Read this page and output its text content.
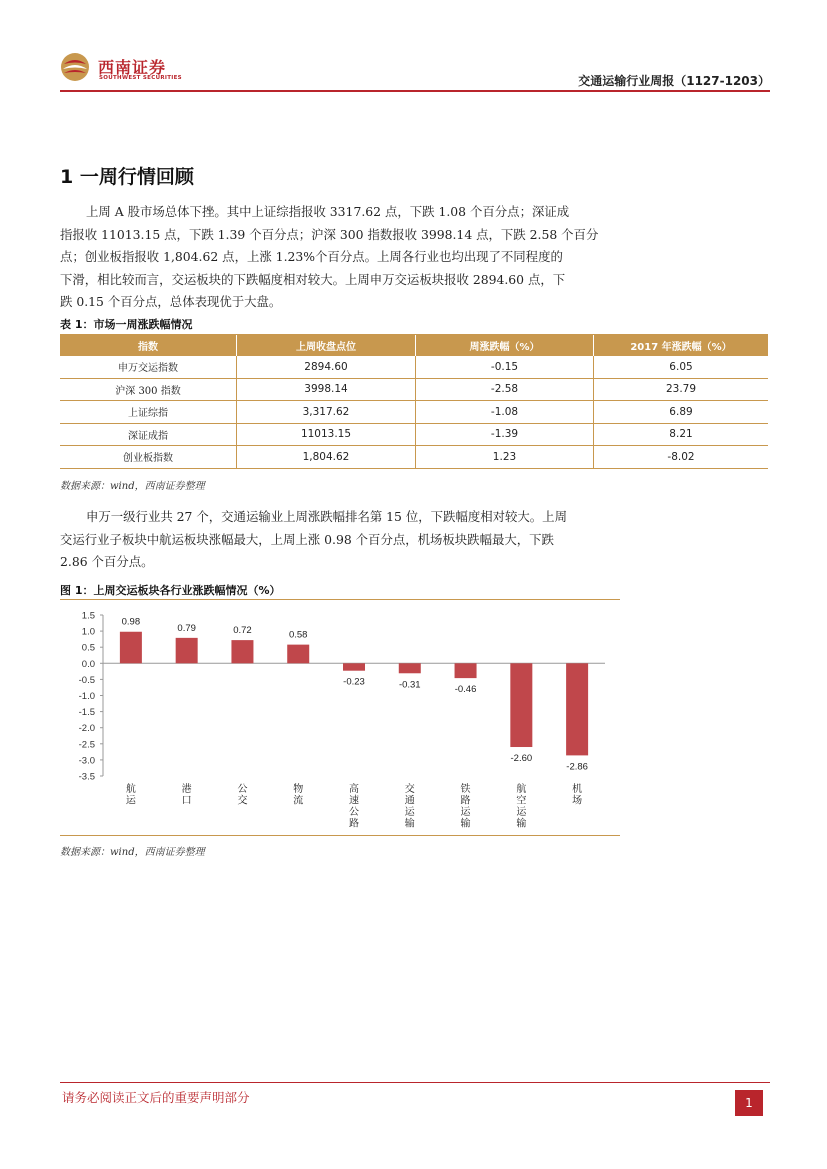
西南证券
SOUTHWEST SECURITIES	交通运输行业周报（1127-1203）
1 一周行情回顾
上周 A 股市场总体下挫。其中上证综指报收 3317.62 点，下跌 1.08 个百分点；深证成
指报收 11013.15 点，下跌 1.39 个百分点；沪深 300 指数报收 3998.14 点，下跌 2.58 个百分
点；创业板指报收 1,804.62 点，上涨 1.23%个百分点。上周各行业也均出现了不同程度的
下滑，相比较而言，交运板块的下跌幅度相对较大。上周申万交运板块报收 2894.60 点，下
跌 0.15 个百分点，总体表现优于大盘。
表 1：市场一周涨跌幅情况
指数	上周收盘点位	周涨跌幅（%）	2017 年涨跌幅（%）
申万交运指数	2894.60	-0.15	6.05
沪深 300 指数	3998.14	-2.58	23.79
上证综指	3,317.62	-1.08	6.89
深证成指	11013.15	-1.39	8.21
创业板指数	1,804.62	1.23	-8.02
数据来源：wind，西南证券整理
申万一级行业共 27 个，交通运输业上周涨跌幅排名第 15 位，下跌幅度相对较大。上周
交运行业子板块中航运板块涨幅最大，上周上涨 0.98 个百分点，机场板块跌幅最大，下跌
2.86 个百分点。
图 1：上周交运板块各行业涨跌幅情况（%）
1.5
1.0
0.5
0.0
-0.5
-1.0
-1.5
-2.0
-2.5
-3.0
-3.5
0.98
航运
0.79
港口
0.72
公交
0.58
物流
-0.23
高速公路
-0.31
交通运输
-0.46
铁路运输
-2.60
航空运输
-2.86
机场
数据来源：wind，西南证券整理
请务必阅读正文后的重要声明部分	1
